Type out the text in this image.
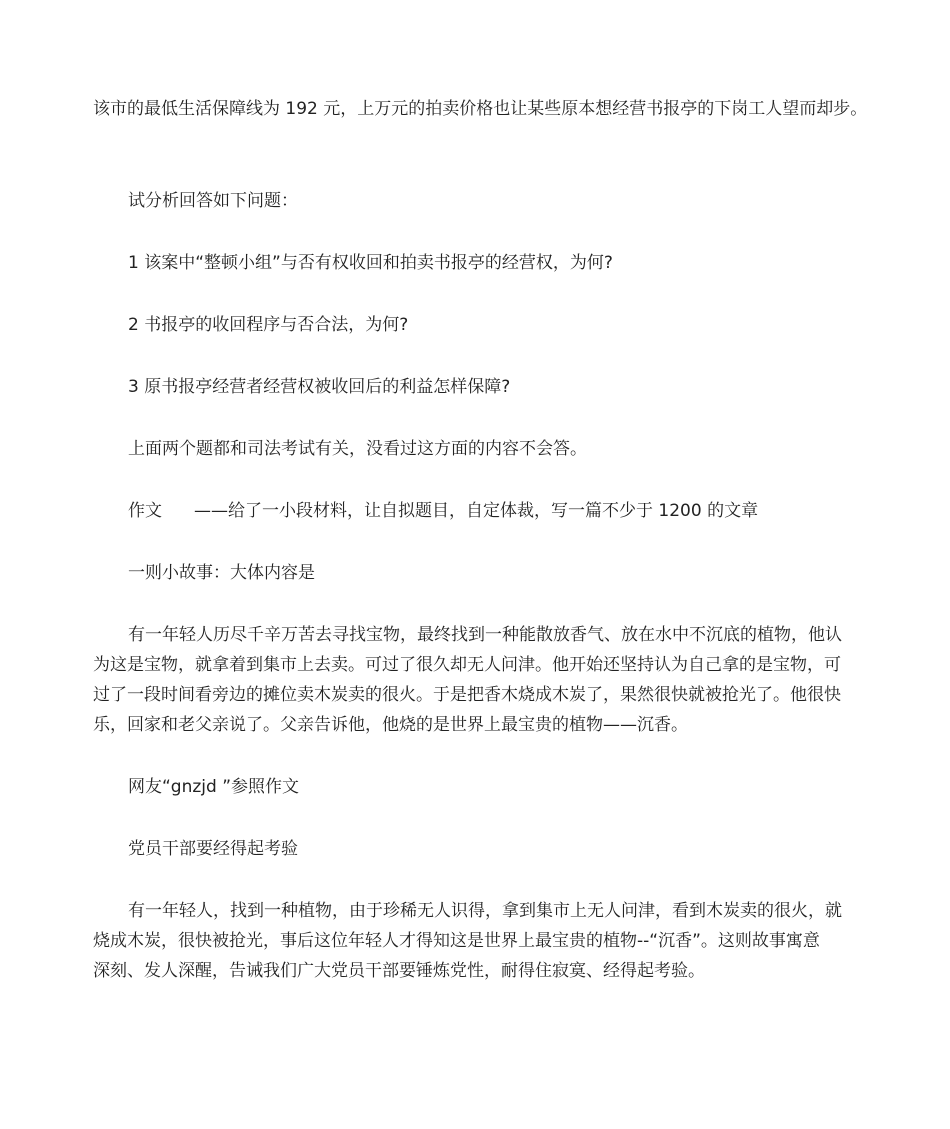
该市的最低生活保障线为 192 元，上万元的拍卖价格也让某些原本想经营书报亭的下岗工人望而却步。

试分析回答如下问题：

1 该案中“整顿小组”与否有权收回和拍卖书报亭的经营权，为何?

2 书报亭的收回程序与否合法，为何?

3 原书报亭经营者经营权被收回后的利益怎样保障?

上面两个题都和司法考试有关，没看过这方面的内容不会答。

作文 ——给了一小段材料，让自拟题目，自定体裁，写一篇不少于 1200 的文章

一则小故事：大体内容是

有一年轻人历尽千辛万苦去寻找宝物，最终找到一种能散放香气、放在水中不沉底的植物，他认
为这是宝物，就拿着到集市上去卖。可过了很久却无人问津。他开始还坚持认为自己拿的是宝物，可
过了一段时间看旁边的摊位卖木炭卖的很火。于是把香木烧成木炭了，果然很快就被抢光了。他很快
乐，回家和老父亲说了。父亲告诉他，他烧的是世界上最宝贵的植物——沉香。

网友“gnzjd ”参照作文

党员干部要经得起考验

有一年轻人，找到一种植物，由于珍稀无人识得，拿到集市上无人问津，看到木炭卖的很火，就
烧成木炭，很快被抢光，事后这位年轻人才得知这是世界上最宝贵的植物--“沉香”。这则故事寓意
深刻、发人深醒，告诫我们广大党员干部要锤炼党性，耐得住寂寞、经得起考验。
